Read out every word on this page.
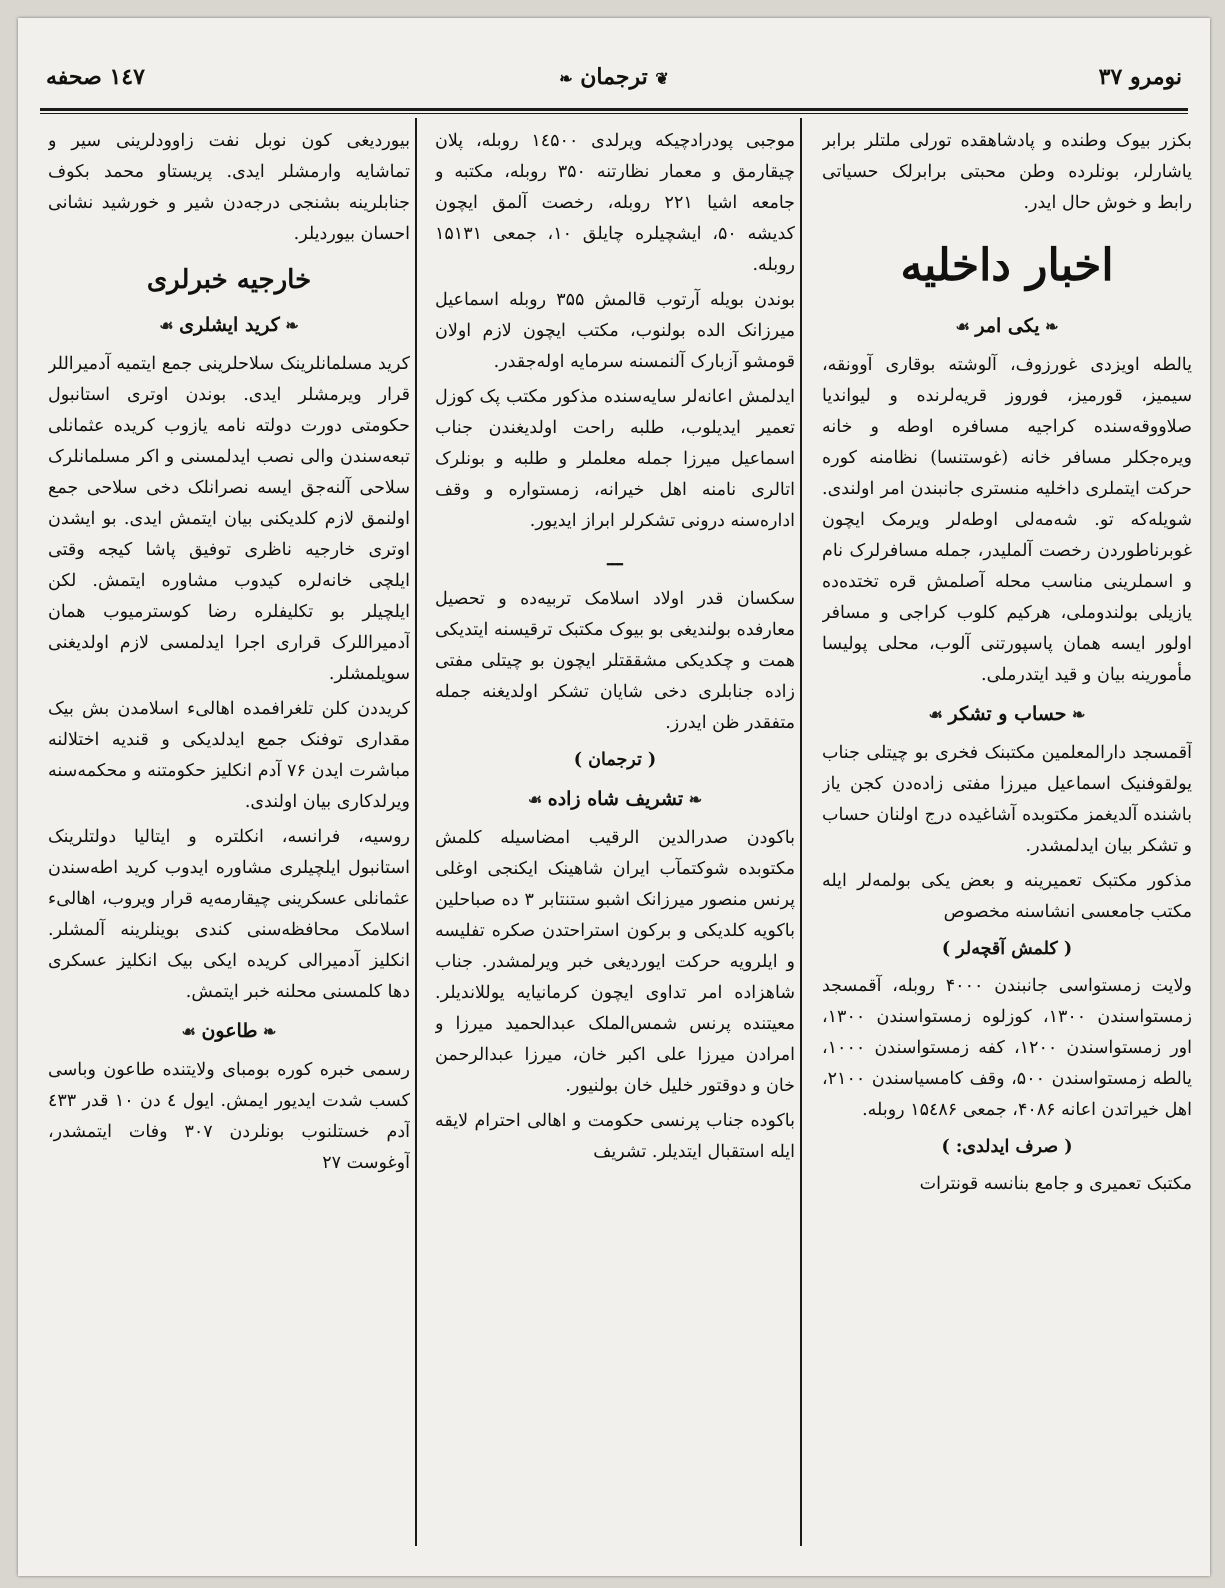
نومرو ۳۷
❦ ترجمان ❧
۱٤۷ صحفه

بکزر بیوک وطنده و پادشاهقده تورلی ملتلر برابر یاشارلر، بونلرده وطن محبتی برابرلک حسیاتی رابط و خوش حال ایدر.

اخبار داخلیه
❧ یکی امر ☙

یالطه اویزدی غورزوف، آلوشته بوقاری آوونقه، سیمیز، قورمیز، فوروز قریه‌لرنده و لیواندیا صلاووقه‌سنده کراجیه مسافره اوطه و خانه ویره‌جکلر مسافر خانه (غوستنسا) نظامنه کوره حرکت ایتملری داخلیه منستری جانبندن امر اولندی. شویله‌که تو. شه‌مه‌لی اوطه‌لر ویرمک ایچون غوبرناطوردن رخصت آلملیدر، جمله مسافرلرک نام و اسملرینی مناسب محله آصلمش قره تختده‌ده یازیلی بولندوملی، هرکیم کلوب کراجی و مسافر اولور ایسه همان پاسپورتنی آلوب، محلی پولیسا مأمورینه بیان و قید ایتدرملی.

❧ حساب و تشکر ☙

آقمسجد دارالمعلمین مکتبنک فخری بو چیتلی جناب یولقوفنیک اسماعیل میرزا مفتی زاده‌دن کجن یاز باشنده آلدیغمز مکتوبده آشاغیده درج اولنان حساب و تشکر بیان ایدلمشدر.

مذکور مکتبک تعمیرینه و بعض یکی بولمه‌لر ایله مکتب جامعسی انشاسنه مخصوص

( کلمش آقچه‌لر )

ولایت زمستواسی جانبندن ۴۰۰۰ روبله، آقمسجد زمستواسندن ۱۳۰۰، کوزلوه زمستواسندن ۱۳۰۰، اور زمستواسندن ۱۲۰۰، کفه زمستواسندن ۱۰۰۰، یالطه زمستواسندن ۵۰۰، وقف کامسیاسندن ۲۱۰۰، اهل خیراتدن اعانه ۴۰۸۶، جمعی ۱۵٤۸۶ روبله.

( صرف ایدلدی: )

مکتبک تعمیری و جامع بنانسه قونترات

موجبی پودرادچیکه ویرلدی ۱٤۵۰۰ روبله، پلان چیقارمق و معمار نظارتنه ۳۵۰ روبله، مکتبه و جامعه اشیا ۲۲۱ روبله، رخصت آلمق ایچون کدیشه ۵۰، ایشچیلره چایلق ۱۰، جمعی ۱۵۱۳۱ روبله.

بوندن بویله آرتوب قالمش ۳۵۵ روبله اسماعیل میرزانک الده بولنوب، مکتب ایچون لازم اولان قومشو آزبارک آلنمسنه سرمایه اوله‌جقدر.

ایدلمش اعانه‌لر سایه‌سنده مذکور مکتب پک کوزل تعمیر ایدیلوب، طلبه راحت اولدیغندن جناب اسماعیل میرزا جمله معلملر و طلبه و بونلرک اتالری نامنه اهل خیرانه، زمستواره و وقف اداره‌سنه درونی تشکرلر ابراز ایدیور.

ـــ

سکسان قدر اولاد اسلامک تربیه‌ده و تحصیل معارفده بولندیغی بو بیوک مکتبک ترقیسنه ایتدیکی همت و چکدیکی مشققتلر ایچون بو چیتلی مفتی زاده جنابلری دخی شایان تشکر اولدیغنه جمله متفقدر ظن ایدرز.

( ترجمان )
❧ تشریف شاه زاده ☙

باکودن صدرالدین الرقیب امضاسیله کلمش مکتوبده شوکتمآب ایران شاهینک ایکنجی اوغلی پرنس منصور میرزانک اشبو ستنتابر ۳ ده صباحلین باکویه کلدیکی و برکون استراحتدن صکره تفلیسه و ایلرویه حرکت ایوردیغی خبر ویرلمشدر. جناب شاهزاده امر تداوی ایچون کرمانیایه یوللاندیلر. معیتنده پرنس شمس‌الملک عبدالحمید میرزا و امرادن میرزا علی اکبر خان، میرزا عبدالرحمن خان و دوقتور خلیل خان بولنیور.

باکوده جناب پرنسی حکومت و اهالی احترام لایقه ایله استقبال ایتدیلر. تشریف

بیوردیغی کون نوبل نفت زاوودلرینی سیر و تماشایه وارمشلر ایدی. پریستاو محمد بکوف جنابلرینه بشنجی درجه‌دن شیر و خورشید نشانی احسان بیوردیلر.

خارجیه خبرلری
❧ کرید ایشلری ☙

کرید مسلمانلرینک سلاحلرینی جمع ایتمیه آدمیراللر قرار ویرمشلر ایدی. بوندن اوتری استانبول حکومتی دورت دولته نامه یازوب کریده عثمانلی تبعه‌سندن والی نصب ایدلمسنی و اکر مسلمانلرک سلاحی آلنه‌جق ایسه نصرانلک دخی سلاحی جمع اولنمق لازم کلدیکنی بیان ایتمش ایدی. بو ایشدن اوتری خارجیه ناظری توفیق پاشا کیجه وقتی ایلچی خانه‌لره کیدوب مشاوره ایتمش. لکن ایلچیلر بو تکلیفلره رضا کوسترمیوب همان آدمیراللرک قراری اجرا ایدلمسی لازم اولدیغنی سویلمشلر.

کریددن کلن تلغرافمده اهالیء اسلامدن بش بیک مقداری توفنک جمع ایدلدیکی و قندیه اختلالنه مباشرت ایدن ۷۶ آدم انکلیز حکومتنه و محکمه‌سنه ویرلدکاری بیان اولندی.

روسیه، فرانسه، انکلتره و ایتالیا دولتلرینک استانبول ایلچیلری مشاوره ایدوب کرید اطه‌سندن عثمانلی عسکرینی چیقارمه‌یه قرار ویروب، اهالیء اسلامک محافظه‌سنی کندی بوینلرینه آلمشلر. انکلیز آدمیرالی کریده ایکی بیک انکلیز عسکری دها کلمسنی محلنه خبر ایتمش.

❧ طاعون ☙

رسمی خبره کوره بومبای ولایتنده طاعون وباسی کسب شدت ایدیور ایمش. ایول ٤ دن ۱۰ قدر ٤۳۳ آدم خستلنوب بونلردن ۳۰۷ وفات ایتمشدر، آوغوست ۲۷
